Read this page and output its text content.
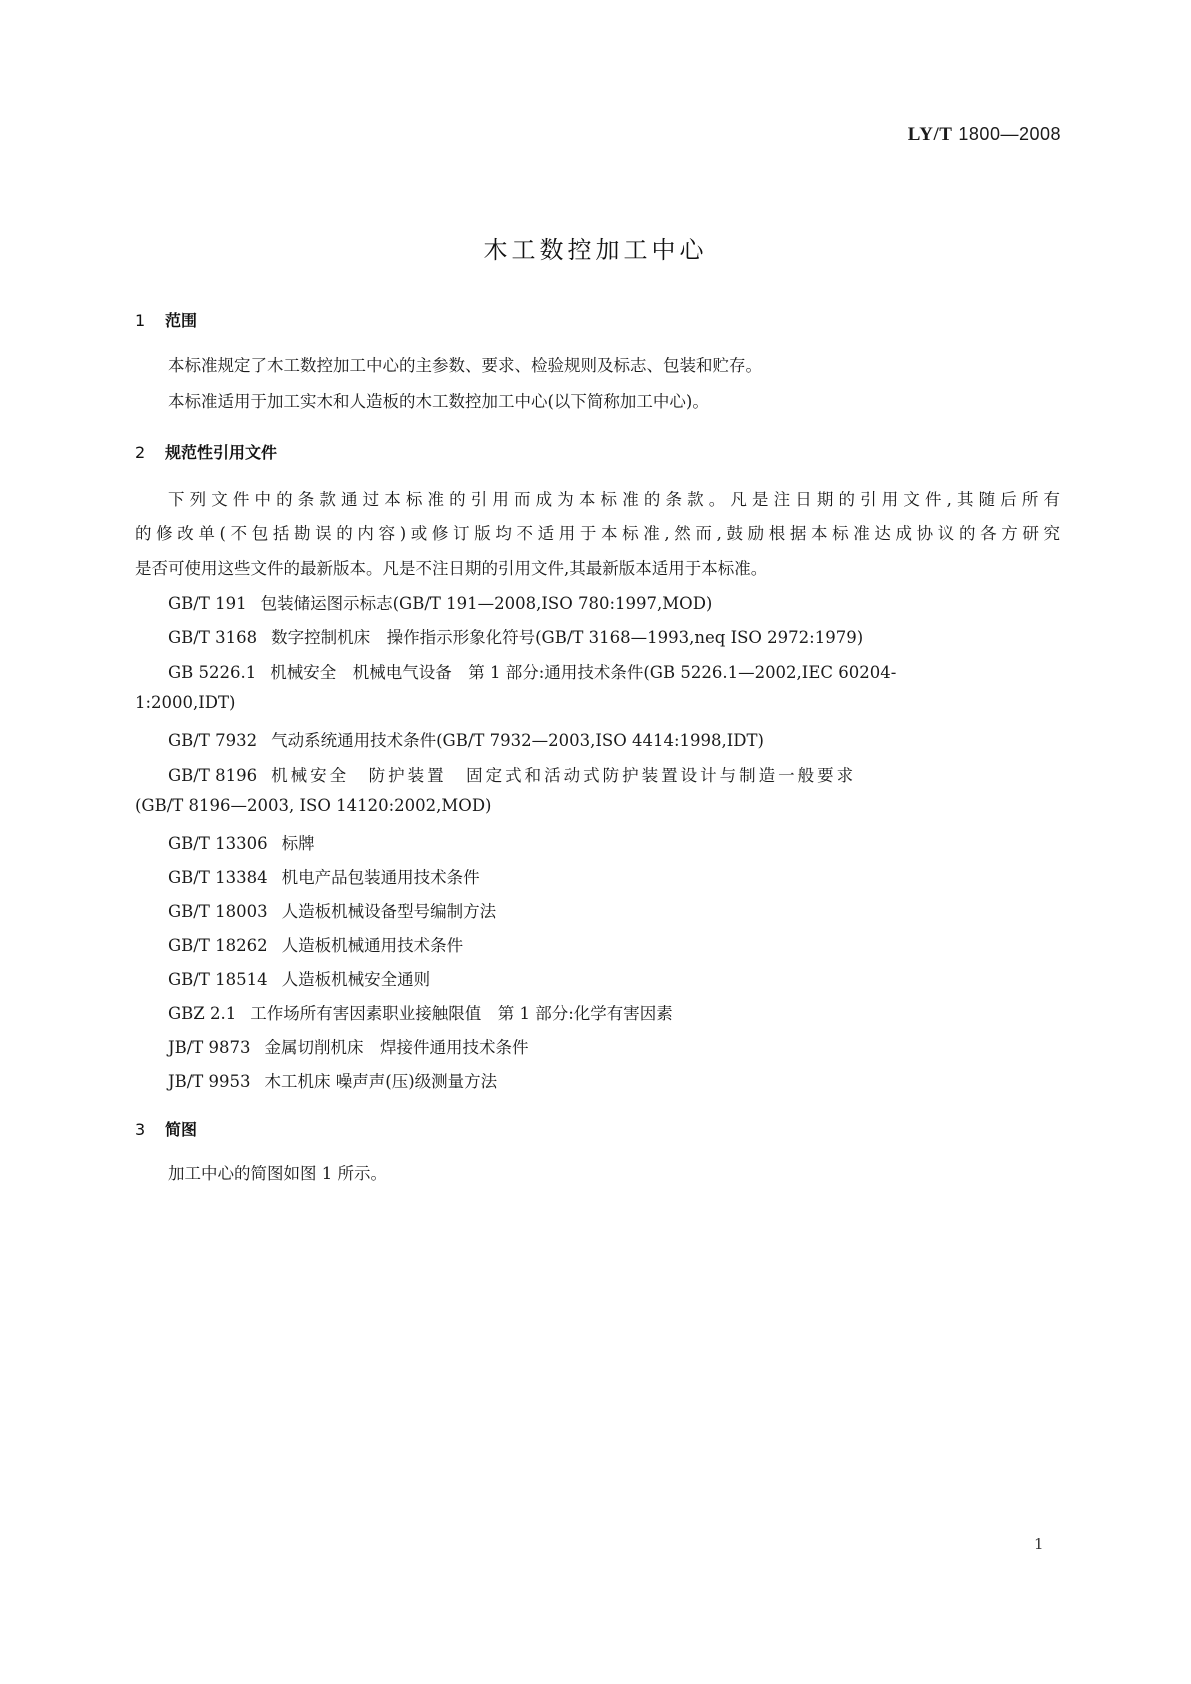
LY/T 1800—2008
木工数控加工中心
1 范围
本标准规定了木工数控加工中心的主参数、要求、检验规则及标志、包装和贮存。
本标准适用于加工实木和人造板的木工数控加工中心(以下简称加工中心)。
2 规范性引用文件
下列文件中的条款通过本标准的引用而成为本标准的条款。凡是注日期的引用文件,其随后所有
的修改单(不包括勘误的内容)或修订版均不适用于本标准,然而,鼓励根据本标准达成协议的各方研究
是否可使用这些文件的最新版本。凡是不注日期的引用文件,其最新版本适用于本标准。
GB/T 191 包装储运图示标志(GB/T 191—2008,ISO 780:1997,MOD)
GB/T 3168 数字控制机床　操作指示形象化符号(GB/T 3168—1993,neq ISO 2972:1979)
GB 5226.1 机械安全　机械电气设备　第 1 部分:通用技术条件(GB 5226.1—2002,IEC 60204-
1:2000,IDT)
GB/T 7932 气动系统通用技术条件(GB/T 7932—2003,ISO 4414:1998,IDT)
GB/T 8196 机械安全　防护装置　固定式和活动式防护装置设计与制造一般要求
(GB/T 8196—2003, ISO 14120:2002,MOD)
GB/T 13306 标牌
GB/T 13384 机电产品包装通用技术条件
GB/T 18003 人造板机械设备型号编制方法
GB/T 18262 人造板机械通用技术条件
GB/T 18514 人造板机械安全通则
GBZ 2.1 工作场所有害因素职业接触限值　第 1 部分:化学有害因素
JB/T 9873 金属切削机床　焊接件通用技术条件
JB/T 9953 木工机床 噪声声(压)级测量方法
3 简图
加工中心的简图如图 1 所示。
1
